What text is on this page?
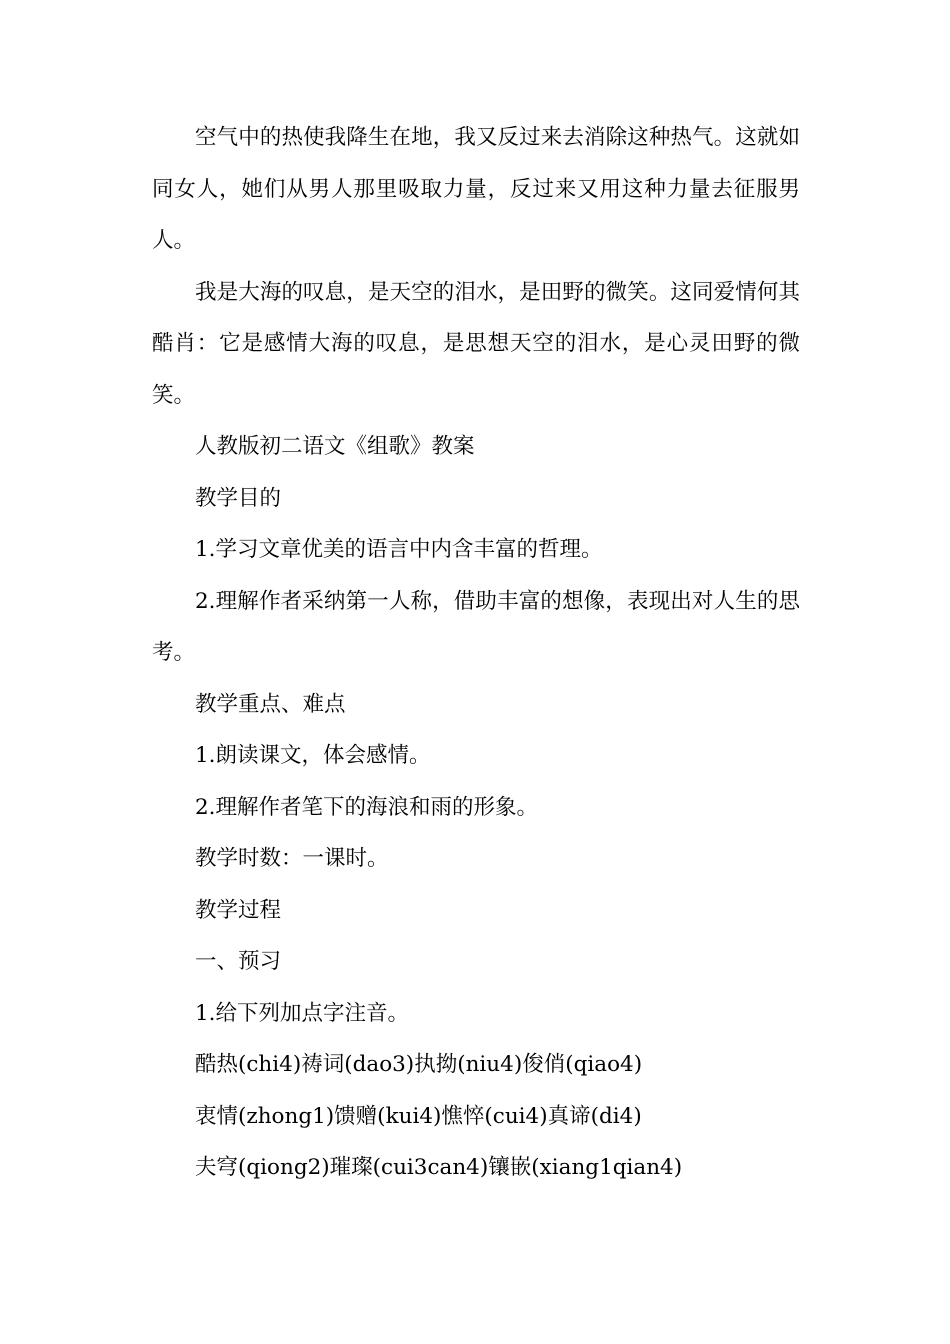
空气中的热使我降生在地，我又反过来去消除这种热气。这就如同女人，她们从男人那里吸取力量，反过来又用这种力量去征服男人。

我是大海的叹息，是天空的泪水，是田野的微笑。这同爱情何其酷肖：它是感情大海的叹息，是思想天空的泪水，是心灵田野的微笑。

人教版初二语文《组歌》教案

教学目的

1.学习文章优美的语言中内含丰富的哲理。

2.理解作者采纳第一人称，借助丰富的想像，表现出对人生的思考。

教学重点、难点

1.朗读课文，体会感情。

2.理解作者笔下的海浪和雨的形象。

教学时数：一课时。

教学过程

一、预习

1.给下列加点字注音。

酷热(chi4)祷词(dao3)执拗(niu4)俊俏(qiao4)

衷情(zhong1)馈赠(kui4)憔悴(cui4)真谛(di4)

夫穹(qiong2)璀璨(cui3can4)镶嵌(xiang1qian4)
